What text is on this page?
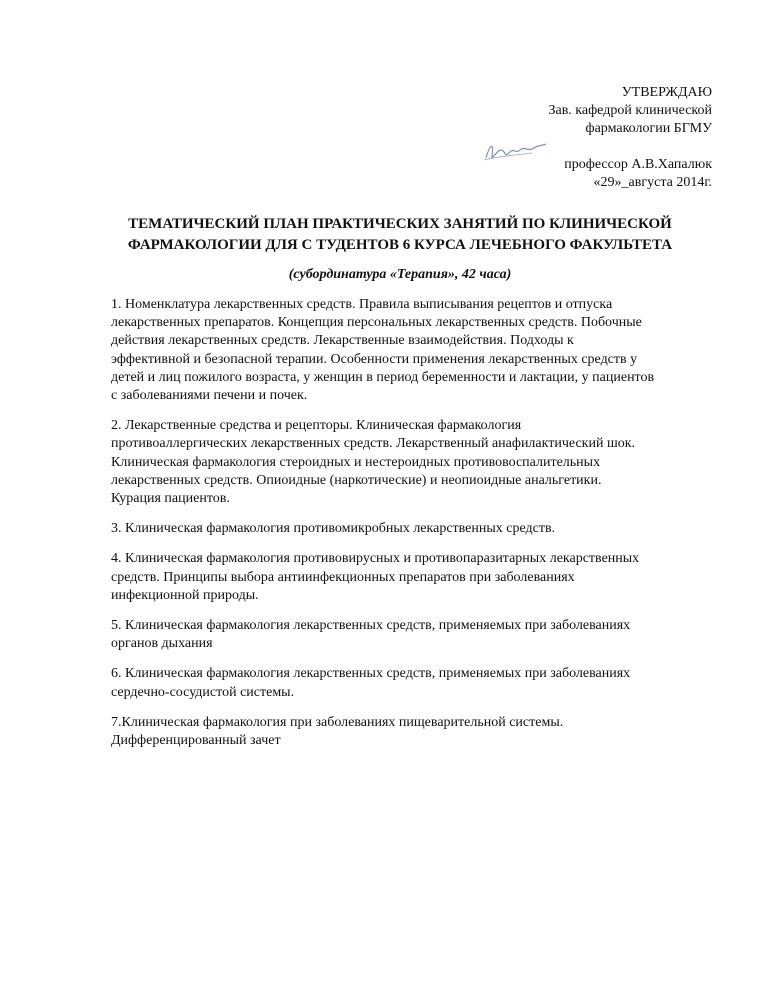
УТВЕРЖДАЮ
Зав. кафедрой клинической
фармакологии БГМУ
профессор А.В.Хапалюк
«29»_августа 2014г.
ТЕМАТИЧЕСКИЙ ПЛАН ПРАКТИЧЕСКИХ ЗАНЯТИЙ ПО КЛИНИЧЕСКОЙ
ФАРМАКОЛОГИИ ДЛЯ С ТУДЕНТОВ 6 КУРСА ЛЕЧЕБНОГО ФАКУЛЬТЕТА
(субординатура «Терапия», 42 часа)
1. Номенклатура лекарственных средств. Правила выписывания рецептов и отпуска
лекарственных препаратов. Концепция персональных лекарственных средств. Побочные
действия лекарственных средств. Лекарственные взаимодействия. Подходы к
эффективной и безопасной терапии. Особенности применения лекарственных средств у
детей и лиц пожилого возраста, у женщин в период беременности и лактации, у пациентов
с заболеваниями печени и почек.
2. Лекарственные средства и рецепторы. Клиническая фармакология
противоаллергических лекарственных средств. Лекарственный анафилактический шок.
Клиническая фармакология стероидных и нестероидных противовоспалительных
лекарственных средств. Опиоидные (наркотические) и неопиоидные анальгетики.
Курация пациентов.
3. Клиническая фармакология противомикробных лекарственных средств.
4. Клиническая фармакология противовирусных и противопаразитарных лекарственных
средств. Принципы выбора антиинфекционных препаратов при заболеваниях
инфекционной природы.
5. Клиническая фармакология лекарственных средств, применяемых при заболеваниях
органов дыхания
6. Клиническая фармакология лекарственных средств, применяемых при заболеваниях
сердечно-сосудистой системы.
7.Клиническая фармакология при заболеваниях пищеварительной системы.
Дифференцированный зачет
